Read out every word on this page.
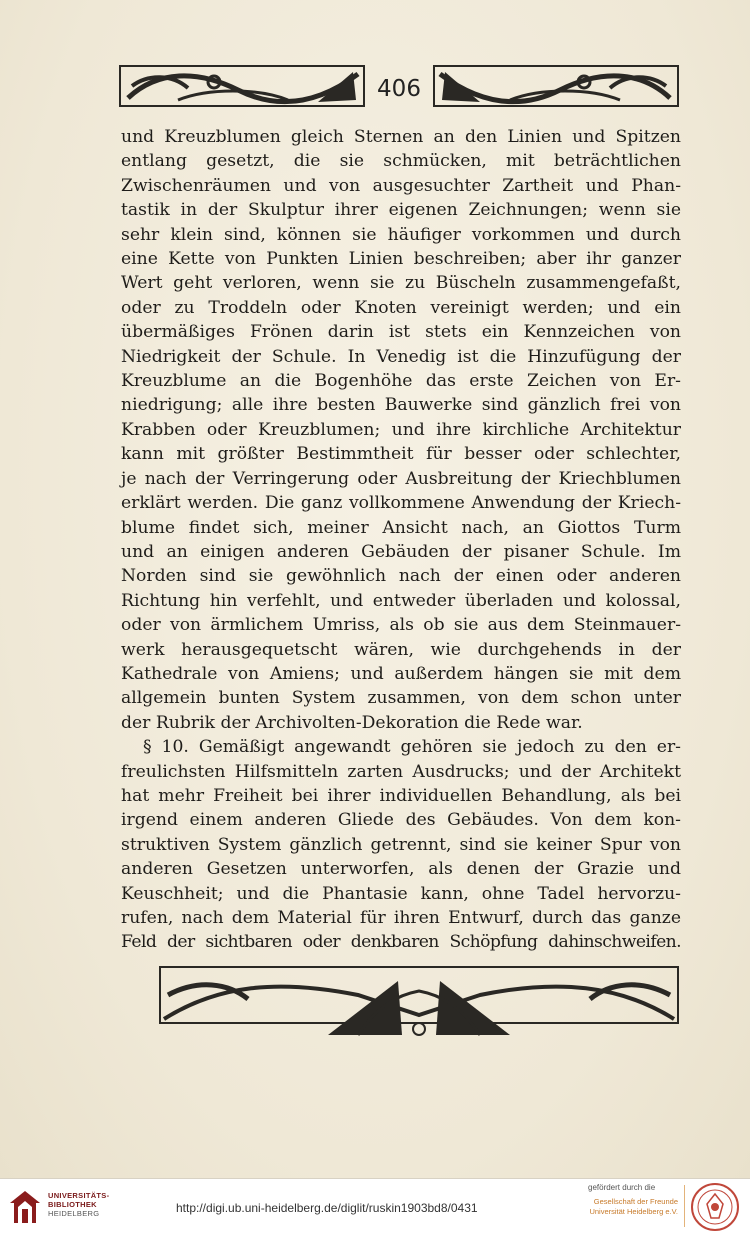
406
und Kreuzblumen gleich Sternen an den Linien und Spitzen
entlang gesetzt, die sie schmücken, mit beträchtlichen
Zwischenräumen und von ausgesuchter Zartheit und Phan-
tastik in der Skulptur ihrer eigenen Zeichnungen; wenn sie
sehr klein sind, können sie häufiger vorkommen und durch
eine Kette von Punkten Linien beschreiben; aber ihr ganzer
Wert geht verloren, wenn sie zu Büscheln zusammengefaßt,
oder zu Troddeln oder Knoten vereinigt werden; und ein
übermäßiges Frönen darin ist stets ein Kennzeichen von
Niedrigkeit der Schule. In Venedig ist die Hinzufügung der
Kreuzblume an die Bogenhöhe das erste Zeichen von Er-
niedrigung; alle ihre besten Bauwerke sind gänzlich frei von
Krabben oder Kreuzblumen; und ihre kirchliche Architektur
kann mit größter Bestimmtheit für besser oder schlechter,
je nach der Verringerung oder Ausbreitung der Kriechblumen
erklärt werden. Die ganz vollkommene Anwendung der Kriech-
blume findet sich, meiner Ansicht nach, an Giottos Turm
und an einigen anderen Gebäuden der pisaner Schule. Im
Norden sind sie gewöhnlich nach der einen oder anderen
Richtung hin verfehlt, und entweder überladen und kolossal,
oder von ärmlichem Umriss, als ob sie aus dem Steinmauer-
werk herausgequetscht wären, wie durchgehends in der
Kathedrale von Amiens; und außerdem hängen sie mit dem
allgemein bunten System zusammen, von dem schon unter
der Rubrik der Archivolten-Dekoration die Rede war.
§ 10. Gemäßigt angewandt gehören sie jedoch zu den er-
freulichsten Hilfsmitteln zarten Ausdrucks; und der Architekt
hat mehr Freiheit bei ihrer individuellen Behandlung, als bei
irgend einem anderen Gliede des Gebäudes. Von dem kon-
struktiven System gänzlich getrennt, sind sie keiner Spur von
anderen Gesetzen unterworfen, als denen der Grazie und
Keuschheit; und die Phantasie kann, ohne Tadel hervorzu-
rufen, nach dem Material für ihren Entwurf, durch das ganze
Feld der sichtbaren oder denkbaren Schöpfung dahinschweifen.
UNIVERSITÄTS-
BIBLIOTHEK
HEIDELBERG	http://digi.ub.uni-heidelberg.de/diglit/ruskin1903bd8/0431
gefördert durch die
Gesellschaft der Freunde
Universität Heidelberg e.V.
